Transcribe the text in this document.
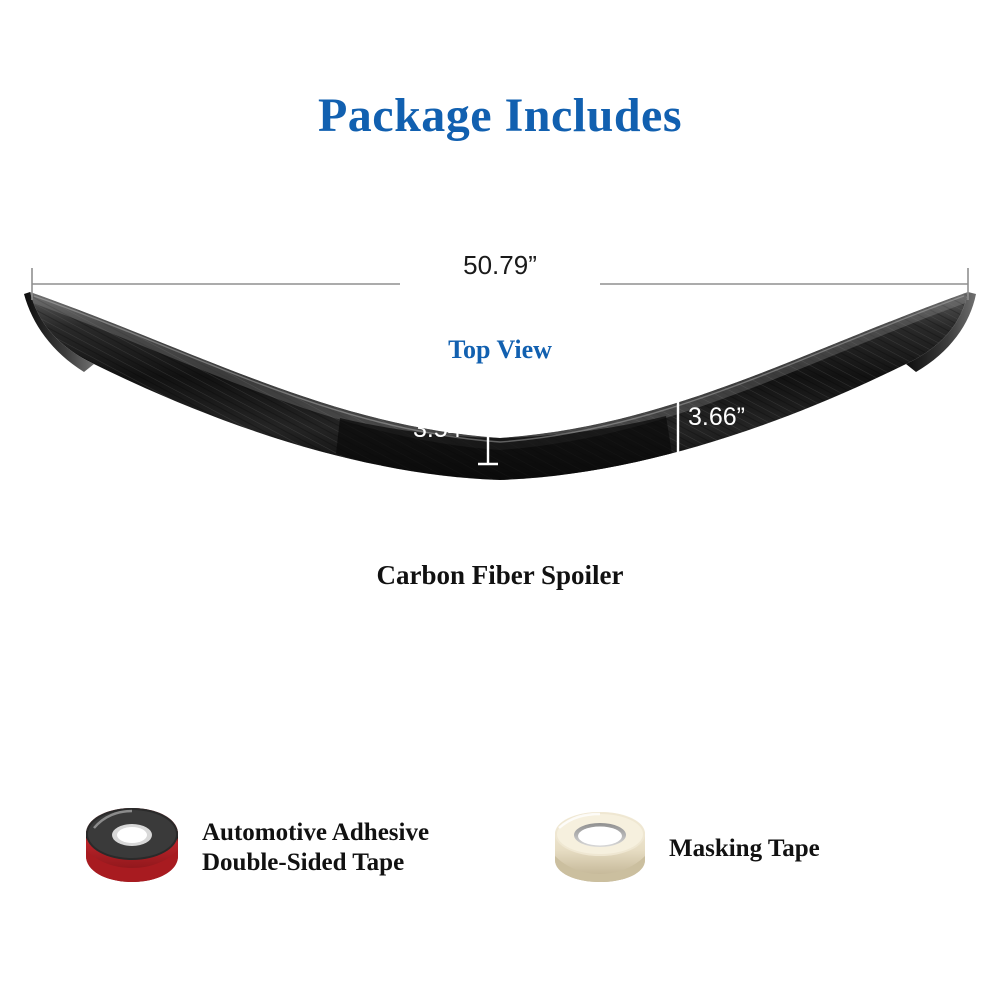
Package Includes
50.79”
Top View
3.54”	3.66”
Carbon Fiber Spoiler
Automotive Adhesive
Double-Sided Tape
Masking Tape
